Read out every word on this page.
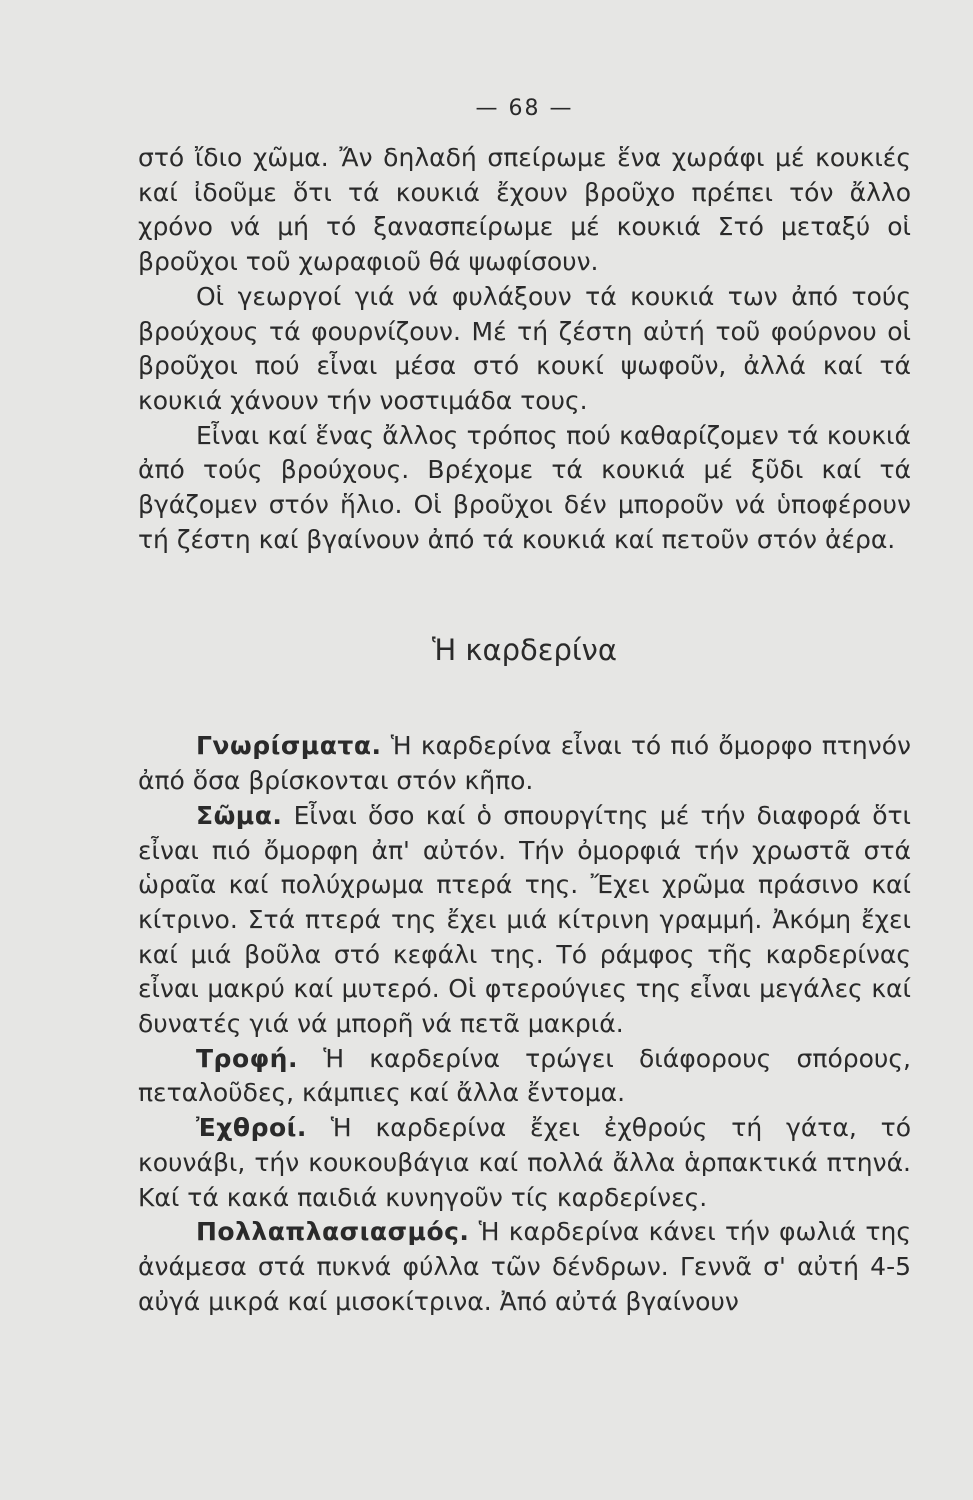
— 68 —

στό ἴδιο χῶμα. Ἄν δηλαδή σπείρωμε ἕνα χωράφι μέ κουκιές καί ἰδοῦμε ὅτι τά κουκιά ἔχουν βροῦχο πρέπει τόν ἄλλο χρόνο νά μή τό ξανασπείρωμε μέ κουκιά Στό μεταξύ οἱ βροῦχοι τοῦ χωραφιοῦ θά ψωφίσουν.

Οἱ γεωργοί γιά νά φυλάξουν τά κουκιά των ἀπό τούς βρούχους τά φουρνίζουν. Μέ τή ζέστη αὐτή τοῦ φούρνου οἱ βροῦχοι πού εἶναι μέσα στό κουκί ψωφοῦν, ἀλλά καί τά κουκιά χάνουν τήν νοστιμάδα τους.

Εἶναι καί ἕνας ἄλλος τρόπος πού καθαρίζομεν τά κουκιά ἀπό τούς βρούχους. Βρέχομε τά κουκιά μέ ξῦδι καί τά βγάζομεν στόν ἥλιο. Οἱ βροῦχοι δέν μποροῦν νά ὑποφέρουν τή ζέστη καί βγαίνουν ἀπό τά κουκιά καί πετοῦν στόν ἀέρα.

Ἡ καρδερίνα

Γνωρίσματα. Ἡ καρδερίνα εἶναι τό πιό ὄμορφο πτηνόν ἀπό ὅσα βρίσκονται στόν κῆπο.

Σῶμα. Εἶναι ὅσο καί ὁ σπουργίτης μέ τήν διαφορά ὅτι εἶναι πιό ὄμορφη ἀπ' αὐτόν. Τήν ὀμορφιά τήν χρωστᾶ στά ὡραῖα καί πολύχρωμα πτερά της. Ἔχει χρῶμα πράσινο καί κίτρινο. Στά πτερά της ἔχει μιά κίτρινη γραμμή. Ἀκόμη ἔχει καί μιά βοῦλα στό κεφάλι της. Τό ράμφος τῆς καρδερίνας εἶναι μακρύ καί μυτερό. Οἱ φτερούγιες της εἶναι μεγάλες καί δυνατές γιά νά μπορῆ νά πετᾶ μακριά.

Τροφή. Ἡ καρδερίνα τρώγει διάφορους σπόρους, πεταλοῦδες, κάμπιες καί ἄλλα ἔντομα.

Ἐχθροί. Ἡ καρδερίνα ἔχει ἐχθρούς τή γάτα, τό κουνάβι, τήν κουκουβάγια καί πολλά ἄλλα ἁρπακτικά πτηνά. Καί τά κακά παιδιά κυνηγοῦν τίς καρδερίνες.

Πολλαπλασιασμός. Ἡ καρδερίνα κάνει τήν φωλιά της ἀνάμεσα στά πυκνά φύλλα τῶν δένδρων. Γεννᾶ σ' αὐτή 4-5 αὐγά μικρά καί μισοκίτρινα. Ἀπό αὐτά βγαίνουν
